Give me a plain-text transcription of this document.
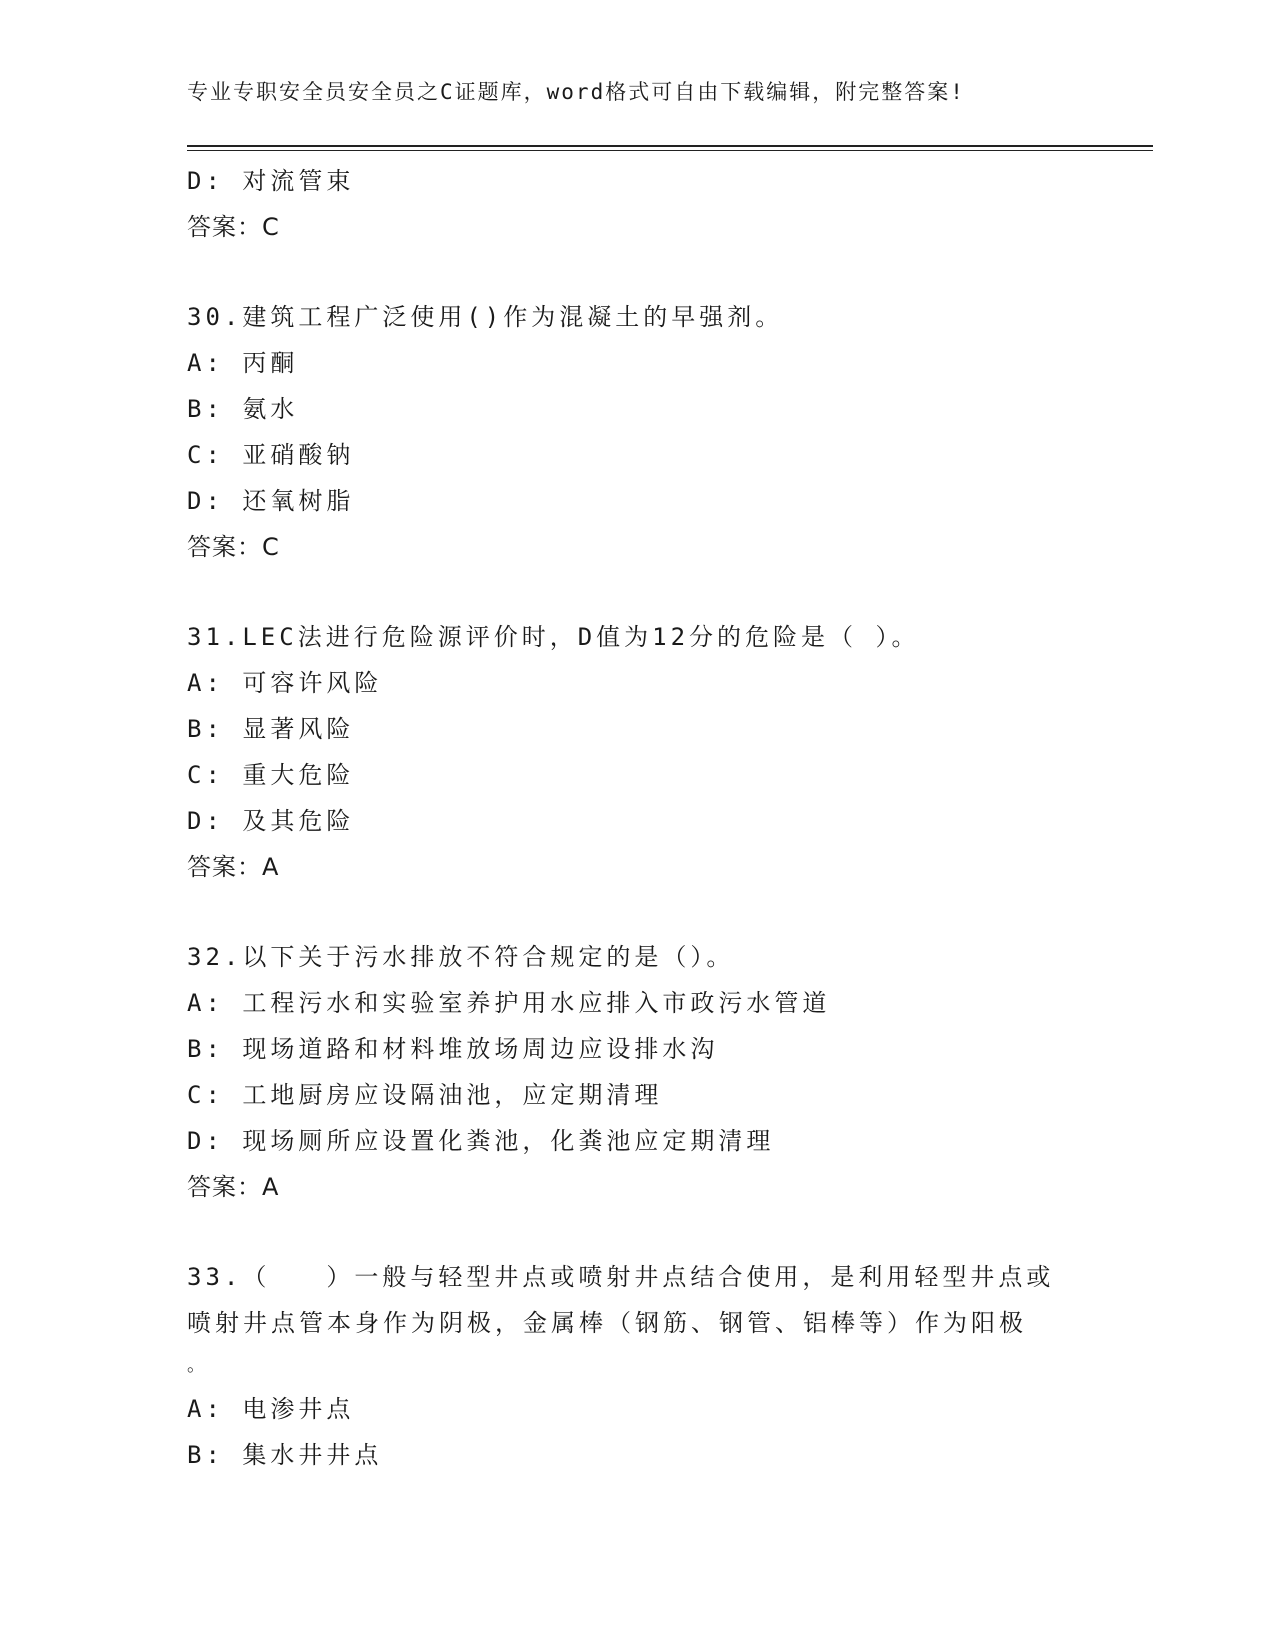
专业专职安全员安全员之C证题库，word格式可自由下载编辑，附完整答案!
D: 对流管束
答案：C
30.建筑工程广泛使用()作为混凝土的早强剂。
A: 丙酮
B: 氨水
C: 亚硝酸钠
D: 还氧树脂
答案：C
31.LEC法进行危险源评价时，D值为12分的危险是（ ）。
A: 可容许风险
B: 显著风险
C: 重大危险
D: 及其危险
答案：A
32.以下关于污水排放不符合规定的是（）。
A: 工程污水和实验室养护用水应排入市政污水管道
B: 现场道路和材料堆放场周边应设排水沟
C: 工地厨房应设隔油池，应定期清理
D: 现场厕所应设置化粪池，化粪池应定期清理
答案：A
33.（　　）一般与轻型井点或喷射井点结合使用，是利用轻型井点或
喷射井点管本身作为阴极，金属棒（钢筋、钢管、铝棒等）作为阳极
。
A: 电渗井点
B: 集水井井点
